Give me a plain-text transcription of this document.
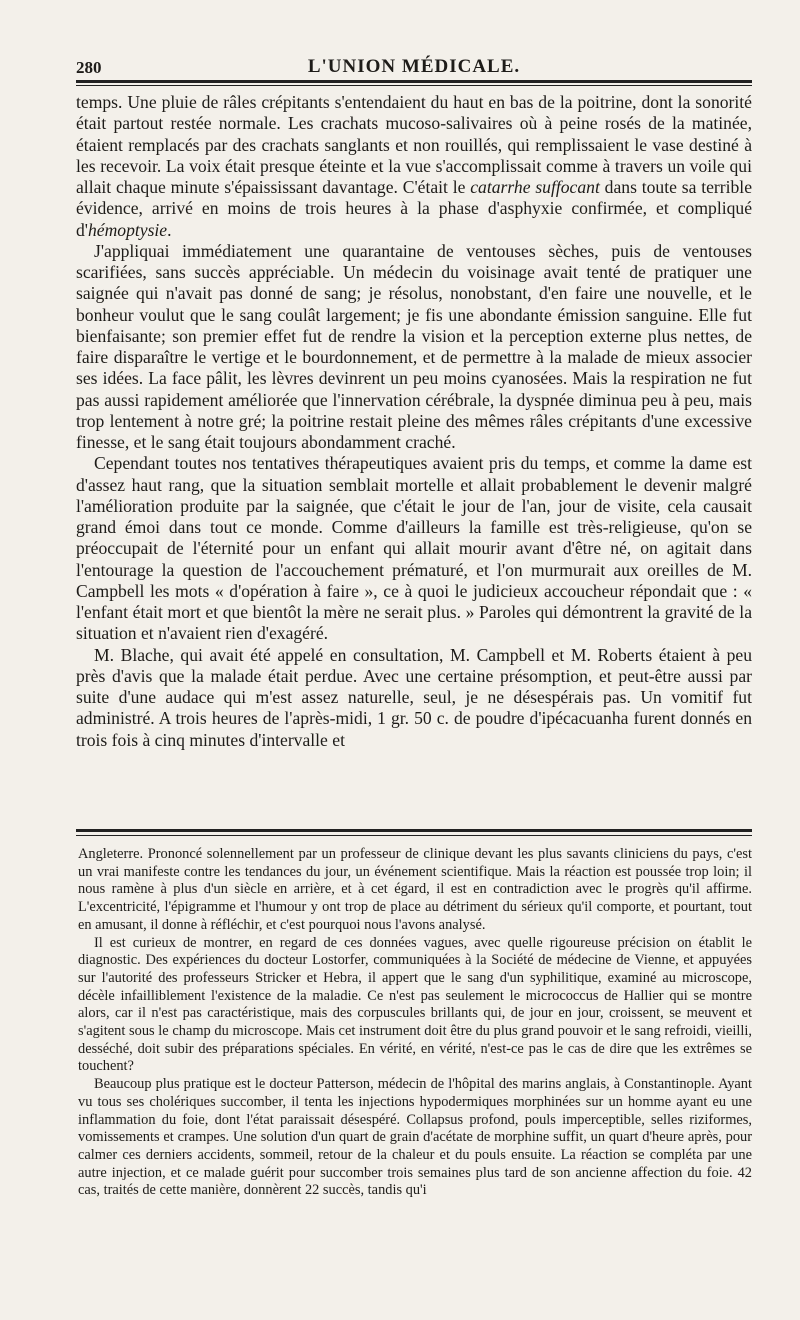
280	L'UNION MÉDICALE.

temps. Une pluie de râles crépitants s'entendaient du haut en bas de la poitrine, dont la sonorité était partout restée normale. Les crachats mucoso-salivaires où à peine rosés de la matinée, étaient remplacés par des crachats sanglants et non rouillés, qui remplissaient le vase destiné à les recevoir. La voix était presque éteinte et la vue s'accomplissait comme à travers un voile qui allait chaque minute s'épaississant davantage. C'était le catarrhe suffocant dans toute sa terrible évidence, arrivé en moins de trois heures à la phase d'asphyxie confirmée, et compliqué d'hémoptysie.

J'appliquai immédiatement une quarantaine de ventouses sèches, puis de ventouses scarifiées, sans succès appréciable. Un médecin du voisinage avait tenté de pratiquer une saignée qui n'avait pas donné de sang; je résolus, nonobstant, d'en faire une nouvelle, et le bonheur voulut que le sang coulât largement; je fis une abondante émission sanguine. Elle fut bienfaisante; son premier effet fut de rendre la vision et la perception externe plus nettes, de faire disparaître le vertige et le bourdonnement, et de permettre à la malade de mieux associer ses idées. La face pâlit, les lèvres devinrent un peu moins cyanosées. Mais la respiration ne fut pas aussi rapidement améliorée que l'innervation cérébrale, la dyspnée diminua peu à peu, mais trop lentement à notre gré; la poitrine restait pleine des mêmes râles crépitants d'une excessive finesse, et le sang était toujours abondamment craché.

Cependant toutes nos tentatives thérapeutiques avaient pris du temps, et comme la dame est d'assez haut rang, que la situation semblait mortelle et allait probablement le devenir malgré l'amélioration produite par la saignée, que c'était le jour de l'an, jour de visite, cela causait grand émoi dans tout ce monde. Comme d'ailleurs la famille est très-religieuse, qu'on se préoccupait de l'éternité pour un enfant qui allait mourir avant d'être né, on agitait dans l'entourage la question de l'accouchement prématuré, et l'on murmurait aux oreilles de M. Campbell les mots « d'opération à faire », ce à quoi le judicieux accoucheur répondait que : « l'enfant était mort et que bientôt la mère ne serait plus. » Paroles qui démontrent la gravité de la situation et n'avaient rien d'exagéré.

M. Blache, qui avait été appelé en consultation, M. Campbell et M. Roberts étaient à peu près d'avis que la malade était perdue. Avec une certaine présomption, et peut-être aussi par suite d'une audace qui m'est assez naturelle, seul, je ne désespérais pas. Un vomitif fut administré. A trois heures de l'après-midi, 1 gr. 50 c. de poudre d'ipécacuanha furent donnés en trois fois à cinq minutes d'intervalle et

Angleterre. Prononcé solennellement par un professeur de clinique devant les plus savants cliniciens du pays, c'est un vrai manifeste contre les tendances du jour, un événement scientifique. Mais la réaction est poussée trop loin; il nous ramène à plus d'un siècle en arrière, et à cet égard, il est en contradiction avec le progrès qu'il affirme. L'excentricité, l'épigramme et l'humour y ont trop de place au détriment du sérieux qu'il comporte, et pourtant, tout en amusant, il donne à réfléchir, et c'est pourquoi nous l'avons analysé.

Il est curieux de montrer, en regard de ces données vagues, avec quelle rigoureuse précision on établit le diagnostic. Des expériences du docteur Lostorfer, communiquées à la Société de médecine de Vienne, et appuyées sur l'autorité des professeurs Stricker et Hebra, il appert que le sang d'un syphilitique, examiné au microscope, décèle infailliblement l'existence de la maladie. Ce n'est pas seulement le micrococcus de Hallier qui se montre alors, car il n'est pas caractéristique, mais des corpuscules brillants qui, de jour en jour, croissent, se meuvent et s'agitent sous le champ du microscope. Mais cet instrument doit être du plus grand pouvoir et le sang refroidi, vieilli, desséché, doit subir des préparations spéciales. En vérité, en vérité, n'est-ce pas le cas de dire que les extrêmes se touchent?

Beaucoup plus pratique est le docteur Patterson, médecin de l'hôpital des marins anglais, à Constantinople. Ayant vu tous ses cholériques succomber, il tenta les injections hypodermiques morphinées sur un homme ayant eu une inflammation du foie, dont l'état paraissait désespéré. Collapsus profond, pouls imperceptible, selles riziformes, vomissements et crampes. Une solution d'un quart de grain d'acétate de morphine suffit, un quart d'heure après, pour calmer ces derniers accidents, sommeil, retour de la chaleur et du pouls ensuite. La réaction se compléta par une autre injection, et ce malade guérit pour succomber trois semaines plus tard de son ancienne affection du foie. 42 cas, traités de cette manière, donnèrent 22 succès, tandis qu'i
